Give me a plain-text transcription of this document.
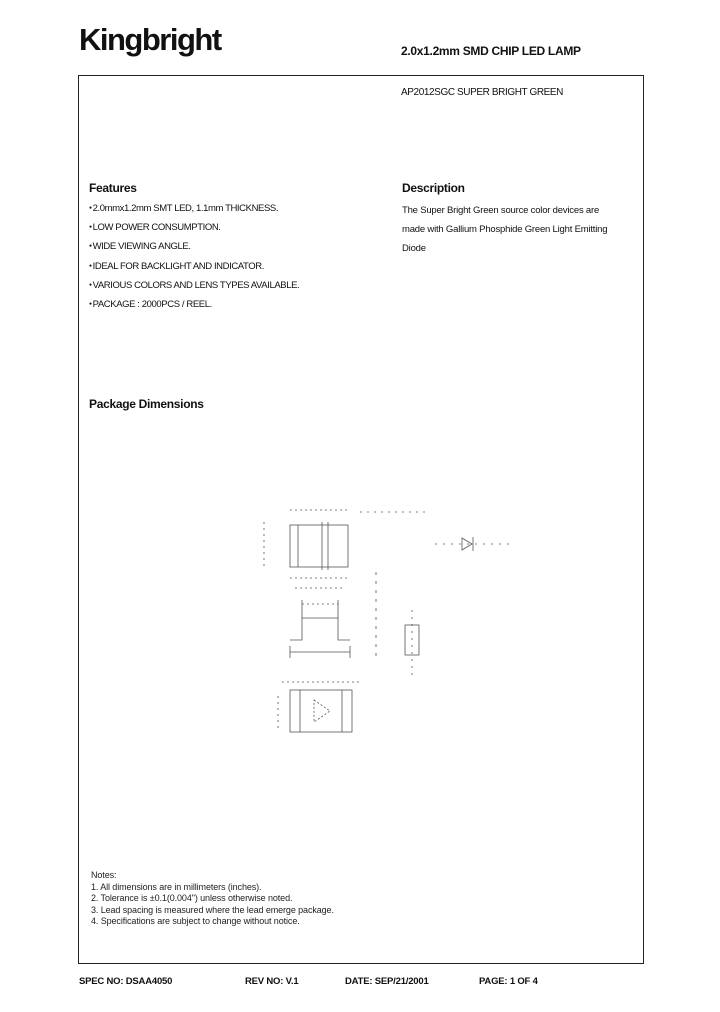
Kingbright	2.0x1.2mm SMD CHIP LED LAMP
AP2012SGC SUPER BRIGHT GREEN
Features
● 2.0mmx1.2mm SMT LED, 1.1mm THICKNESS.
● LOW POWER CONSUMPTION.
● WIDE VIEWING ANGLE.
● IDEAL FOR BACKLIGHT AND INDICATOR.
● VARIOUS COLORS AND LENS TYPES AVAILABLE.
● PACKAGE : 2000PCS / REEL.
Description
The Super Bright Green source color devices are made with Gallium Phosphide Green Light Emitting Diode
Package Dimensions
Notes:
1. All dimensions are in millimeters (inches).
2. Tolerance is ±0.1(0.004") unless otherwise noted.
3. Lead spacing is measured where the lead emerge package.
4. Specifications are subject to change without notice.
SPEC NO: DSAA4050	REV NO: V.1	DATE: SEP/21/2001	PAGE: 1 OF 4
